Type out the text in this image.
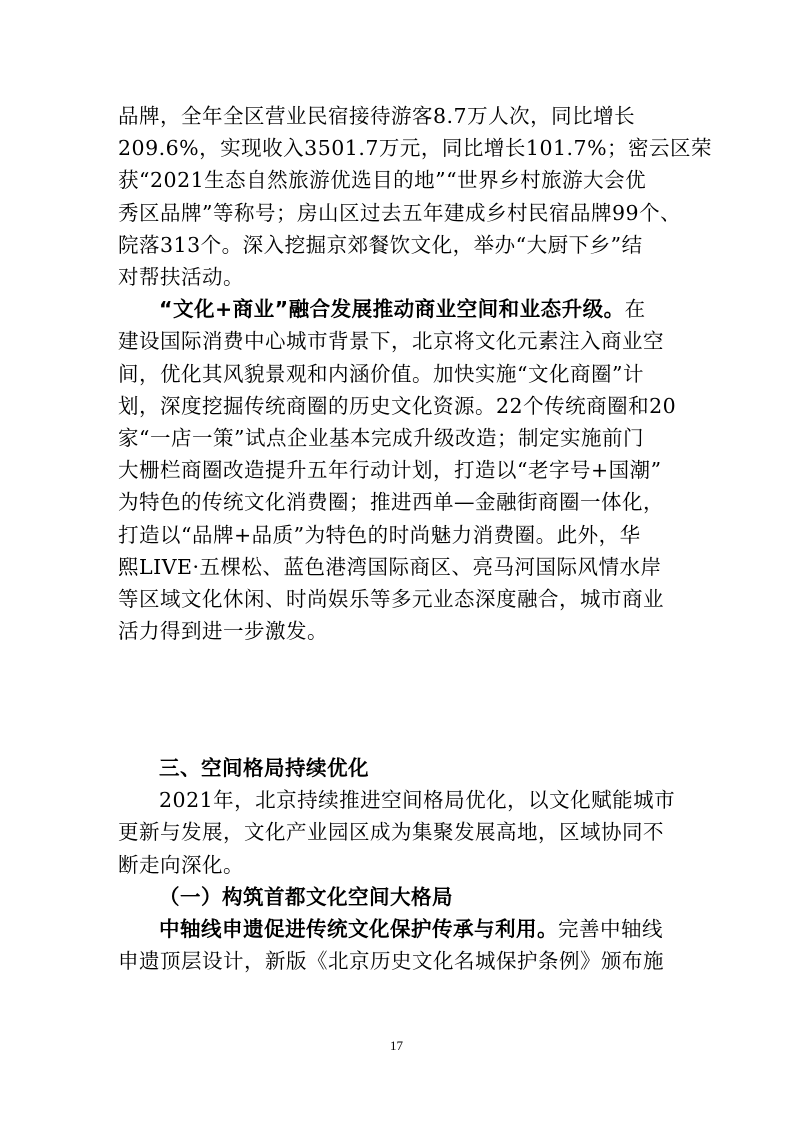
品牌，全年全区营业民宿接待游客8.7万人次，同比增长
209.6%，实现收入3501.7万元，同比增长101.7%；密云区荣
获“2021生态自然旅游优选目的地”“世界乡村旅游大会优
秀区品牌”等称号；房山区过去五年建成乡村民宿品牌99个、
院落313个。深入挖掘京郊餐饮文化，举办“大厨下乡”结
对帮扶活动。
“文化+商业”融合发展推动商业空间和业态升级。在
建设国际消费中心城市背景下，北京将文化元素注入商业空
间，优化其风貌景观和内涵价值。加快实施“文化商圈”计
划，深度挖掘传统商圈的历史文化资源。22个传统商圈和20
家“一店一策”试点企业基本完成升级改造；制定实施前门
大栅栏商圈改造提升五年行动计划，打造以“老字号+国潮”
为特色的传统文化消费圈；推进西单—金融街商圈一体化，
打造以“品牌+品质”为特色的时尚魅力消费圈。此外，华
熙LIVE·五棵松、蓝色港湾国际商区、亮马河国际风情水岸
等区域文化休闲、时尚娱乐等多元业态深度融合，城市商业
活力得到进一步激发。
三、空间格局持续优化
2021年，北京持续推进空间格局优化，以文化赋能城市
更新与发展，文化产业园区成为集聚发展高地，区域协同不
断走向深化。
（一）构筑首都文化空间大格局
中轴线申遗促进传统文化保护传承与利用。完善中轴线
申遗顶层设计，新版《北京历史文化名城保护条例》颁布施
17
